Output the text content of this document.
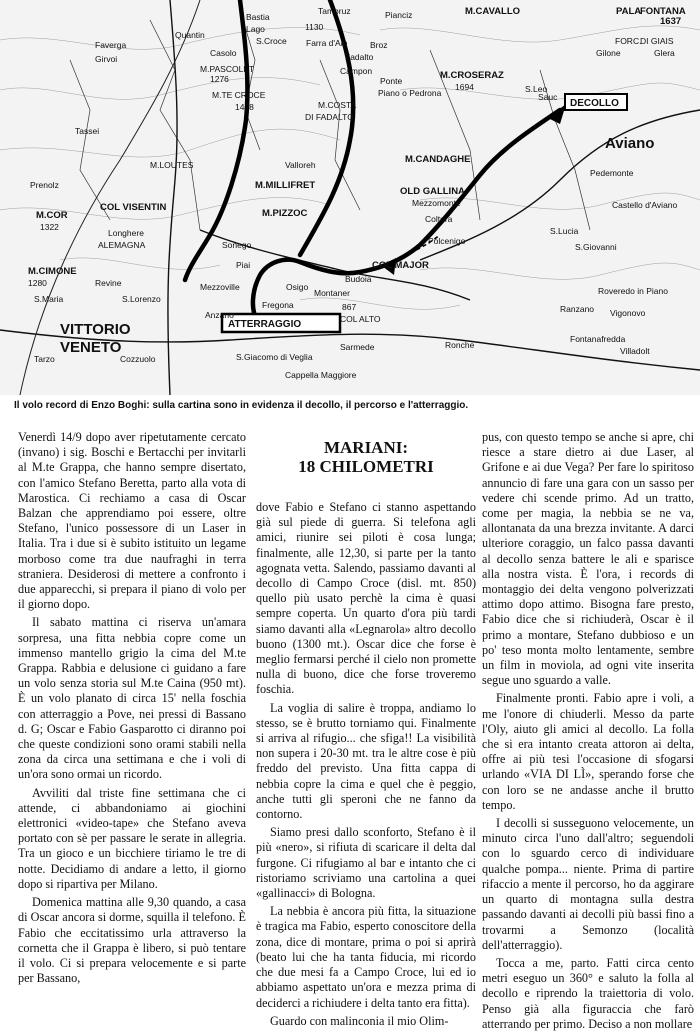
Tambruz	Pianciz	M.CAVALLO	PALA
FONTANA
1637
Bastia
Lago
S.Croce Farra d'Alp	Broz
Casolo	Fadalto
1130
FORC.
DI GIAIS
Glera
Gilone
Quantin
Faverga
Girvoi
Campon	M.CROSERAZ
1694	S.Leo
M.PASCOLET
1276
M.TE CROCE
1428	M.COSTA
DI FADALTO
Ponte
Piano o Pedrona	Sauc
Tassei
Valloreh	M.CANDAGHE
Aviano
Pedemonte
Prenolz
M.LOUTES
COL VISENTIN
M.MILLIFRET
OLD GALLINA
Mezzomonte	Castello d'Aviano
M.PIZZOC	Coltura
Polcenigo
S.Lucia
M.COR
1322
Longhere
ALEMAGNA	Sonego
Piai
S.Giovanni
M.CIMONE
1280	Revine	Mezzoville
Budoia
Osigo
COL MAJOR
S.Maria	S.Lorenzo
Fregona
Montaner
867
Roveredo in Piano
VITTORIO
VENETO
ATTERRAGGIO
Anzano	COL ALTO
Ranzano Vigonovo
Tarzo	Cozzuolo	S.Giacomo di Veglia
Sarmede
Cappella Maggiore
Fontanafredda
Villadolt
Ronche
DECOLLO
Il volo record di Enzo Boghi: sulla cartina sono in evidenza il decollo, il percorso e l'atterraggio.

Venerdì 14/9 dopo aver ripetutamente cercato (invano) i sig. Boschi e Bertacchi per invitarli al M.te Grappa, che hanno sempre disertato, con l'amico Stefano Beretta, parto alla vota di Marostica. Ci rechiamo a casa di Oscar Balzan che apprendiamo poi essere, oltre Stefano, l'unico possessore di un Laser in Italia. Tra i due si è subito istituito un legame morboso come tra due naufraghi in terra straniera. Desiderosi di mettere a confronto i due apparecchi, si prepara il piano di volo per il giorno dopo.

Il sabato mattina ci riserva un'amara sorpresa, una fitta nebbia copre come un immenso mantello grigio la cima del M.te Grappa. Rabbia e delusione ci guidano a fare un volo senza storia sul M.te Caina (950 mt). È un volo planato di circa 15' nella foschia con atterraggio a Pove, nei pressi di Bassano d. G; Oscar e Fabio Gasparotto ci diranno poi che queste condizioni sono orami stabili nella zona da circa una settimana e che i voli di un'ora sono ormai un ricordo.

Avviliti dal triste fine settimana che ci attende, ci abbandoniamo ai giochini elettronici «video-tape» che Stefano aveva portato con sè per passare le serate in allegria. Tra un gioco e un bicchiere tiriamo le tre di notte. Decidiamo di andare a letto, il giorno dopo si ripartiva per Milano.

Domenica mattina alle 9,30 quando, a casa di Oscar ancora si dorme, squilla il telefono. È Fabio che eccitatissimo urla attraverso la cornetta che il Grappa è libero, si può tentare il volo. Ci si prepara velocemente e si parte per Bassano,

MARIANI:
18 CHILOMETRI

dove Fabio e Stefano ci stanno aspettando già sul piede di guerra. Si telefona agli amici, riunire sei piloti è cosa lunga; finalmente, alle 12,30, si parte per la tanto agognata vetta. Salendo, passiamo davanti al decollo di Campo Croce (disl. mt. 850) quello più usato perchè la cima è quasi sempre coperta. Un quarto d'ora più tardi siamo davanti alla «Legnarola» altro decollo buono (1300 mt.). Oscar dice che forse è meglio fermarsi perché il cielo non promette nulla di buono, dice che forse troveremo foschia.

La voglia di salire è troppa, andiamo lo stesso, se è brutto torniamo qui. Finalmente si arriva al rifugio... che sfiga!! La visibilità non supera i 20-30 mt. tra le altre cose è più freddo del previsto. Una fitta cappa di nebbia copre la cima e quel che è peggio, anche tutti gli speroni che ne fanno da contorno.

Siamo presi dallo sconforto, Stefano è il più «nero», si rifiuta di scaricare il delta dal furgone. Ci rifugiamo al bar e intanto che ci ristoriamo scriviamo una cartolina a quei «gallinacci» di Bologna.

La nebbia è ancora più fitta, la situazione è tragica ma Fabio, esperto conoscitore della zona, dice di montare, prima o poi si aprirà (beato lui che ha tanta fiducia, mi ricordo che due mesi fa a Campo Croce, lui ed io abbiamo aspettato un'ora e mezza prima di deciderci a richiudere i delta tanto era fitta).

Guardo con malinconia il mio Olim-

pus, con questo tempo se anche si apre, chi riesce a stare dietro ai due Laser, al Grifone e ai due Vega? Per fare lo spiritoso annuncio di fare una gara con un sasso per vedere chi scende primo. Ad un tratto, come per magia, la nebbia se ne va, allontanata da una brezza invitante. A darci ulteriore coraggio, un falco passa davanti al decollo senza battere le ali e sparisce alla nostra vista. È l'ora, i records di montaggio dei delta vengono polverizzati attimo dopo attimo. Bisogna fare presto, Fabio dice che si richiuderà, Oscar è il primo a montare, Stefano dubbioso e un po' teso monta molto lentamente, sembre un film in moviola, ad ogni vite inserita segue uno sguardo a valle.

Finalmente pronti. Fabio apre i voli, a me l'onore di chiuderli. Messo da parte l'Oly, aiuto gli amici al decollo. La folla che si era intanto creata attoron ai delta, offre ai più tesi l'occasione di sfogarsi urlando «VIA DI LÌ», sperando forse che con loro se ne andasse anche il brutto tempo.

I decolli si susseguono velocemente, un minuto circa l'uno dall'altro; seguendoli con lo sguardo cerco di individuare qualche pompa... niente. Prima di partire rifaccio a mente il percorso, ho da aggirare un quarto di montagna sulla destra passando davanti ai decolli più bassi fino a trovarmi a Semonzo (località dell'atterraggio).

Tocca a me, parto. Fatti circa cento metri eseguo un 360° e saluto la folla al decollo e riprendo la traiettoria di volo. Penso già alla figuraccia che farò atterrando per primo. Deciso a non mollare
